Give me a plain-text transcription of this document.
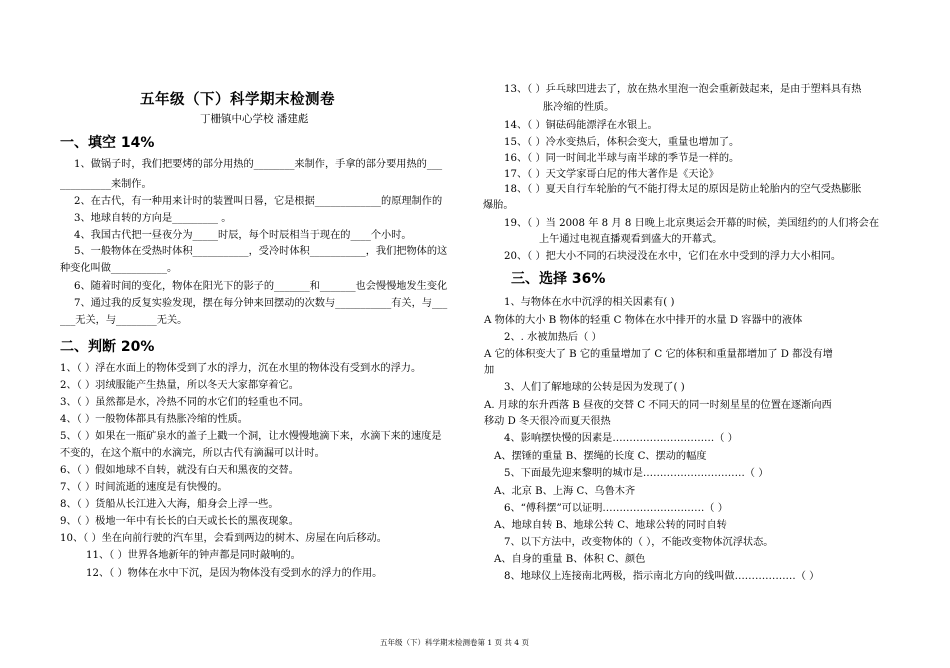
五年级（下）科学期末检测卷
丁栅镇中心学校 潘建彪
一、填空 14%
1、做锅子时，我们把要烤的部分用热的________来制作，手拿的部分要用热的___
__________来制作。
2、在古代，有一种用来计时的装置叫日晷，它是根据_____________的原理制作的
3、地球自转的方向是_________ 。
4、我国古代把一昼夜分为_____时辰，每个时辰相当于现在的____个小时。
5、一般物体在受热时体积___________，受冷时体积___________，我们把物体的这
种变化叫做___________。
6、随着时间的变化，物体在阳光下的影子的_______和_______也会慢慢地发生变化
7、通过我的反复实验发现，摆在每分钟来回摆动的次数与___________有关，与___
___无关，与________无关。
二、判断 20%
1、（ ）浮在水面上的物体受到了水的浮力，沉在水里的物体没有受到水的浮力。
2、（ ）羽绒服能产生热量，所以冬天大家都穿着它。
3、（ ）虽然都是水，冷热不同的水它们的轻重也不同。
4、（ ）一般物体都具有热胀冷缩的性质。
5、（ ）如果在一瓶矿泉水的盖子上戳一个洞，让水慢慢地滴下来，水滴下来的速度是
不变的，在这个瓶中的水滴完，所以古代有滴漏可以计时。
6、（ ）假如地球不自转，就没有白天和黑夜的交替。
7、（ ）时间流逝的速度是有快慢的。
8、（ ）货船从长江进入大海，船身会上浮一些。
9、（ ）极地一年中有长长的白天或长长的黑夜现象。
10、（ ）坐在向前行驶的汽车里，会看到两边的树木、房屋在向后移动。
11、（ ）世界各地新年的钟声都是同时敲响的。
12、（ ）物体在水中下沉，是因为物体没有受到水的浮力的作用。
13、（ ）乒乓球凹进去了，放在热水里泡一泡会重新鼓起来，是由于塑料具有热
胀冷缩的性质。
14、（ ）铜砝码能漂浮在水银上。
15、（ ）冷水变热后，体积会变大，重量也增加了。
16、（ ）同一时间北半球与南半球的季节是一样的。
17、（ ）天文学家哥白尼的伟大著作是《天论》
18、（ ）夏天自行车轮胎的气不能打得太足的原因是防止轮胎内的空气受热膨胀
爆胎。
19、（ ）当 2008 年 8 月 8 日晚上北京奥运会开幕的时候，美国纽约的人们将会在
上午通过电视直播观看到盛大的开幕式。
20、（ ）把大小不同的石块浸没在水中，它们在水中受到的浮力大小相同。
三、选择 36%
1、与物体在水中沉浮的相关因素有( )
A 物体的大小 B 物体的轻重 C 物体在水中排开的水量 D 容器中的液体
2、. 水被加热后（ ）
A 它的体积变大了 B 它的重量增加了 C 它的体积和重量都增加了 D 都没有增
加
3、人们了解地球的公转是因为发现了( )
A. 月球的东升西落 B 昼夜的交替 C 不同天的同一时刻星星的位置在逐渐向西
移动 D 冬天很冷而夏天很热
4、影响摆快慢的因素是…………………………（ ）
A、摆锤的重量 B、摆绳的长度 C、摆动的幅度
5、下面最先迎来黎明的城市是…………………………（ ）
A、北京 B、上海 C、乌鲁木齐
6、“傅科摆”可以证明…………………………（ ）
A、地球自转 B、地球公转 C、地球公转的同时自转
7、以下方法中，改变物体的（ ），不能改变物体沉浮状态。
A、自身的重量 B、体积 C、颜色
8、地球仪上连接南北两极，指示南北方向的线叫做………………（ ）
五年级（下）科学期末检测卷第 1 页 共 4 页
